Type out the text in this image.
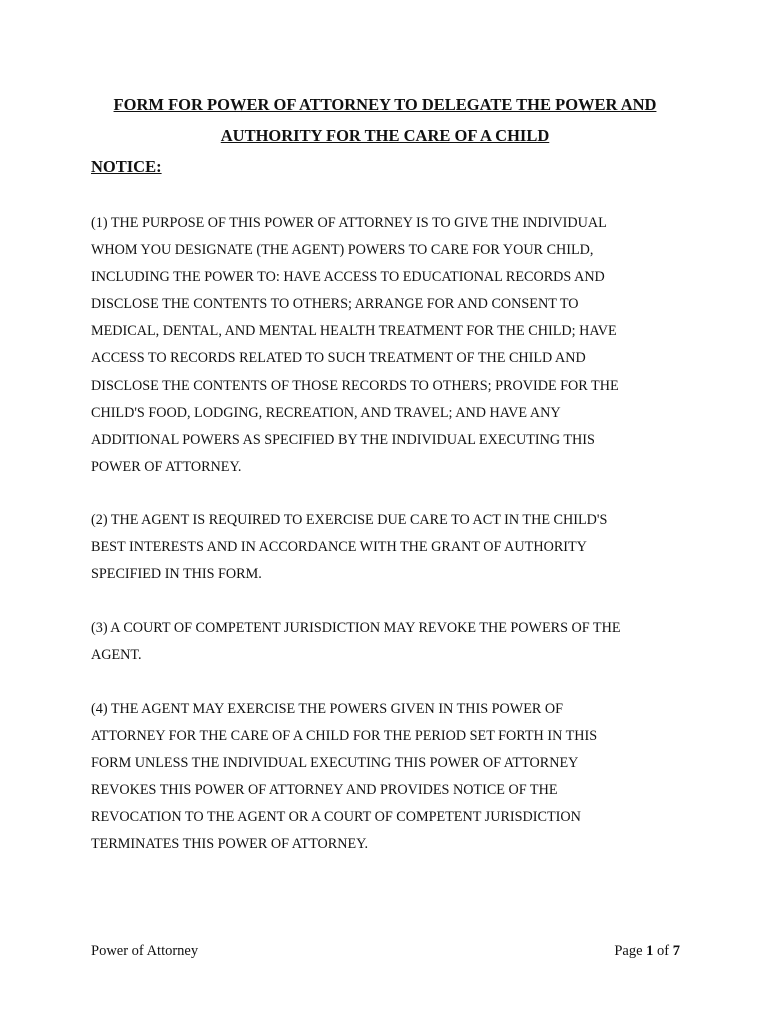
FORM FOR POWER OF ATTORNEY TO DELEGATE THE POWER AND
AUTHORITY FOR THE CARE OF A CHILD
NOTICE:
(1) THE PURPOSE OF THIS POWER OF ATTORNEY IS TO GIVE THE INDIVIDUAL
WHOM YOU DESIGNATE (THE AGENT) POWERS TO CARE FOR YOUR CHILD,
INCLUDING THE POWER TO: HAVE ACCESS TO EDUCATIONAL RECORDS AND
DISCLOSE THE CONTENTS TO OTHERS; ARRANGE FOR AND CONSENT TO
MEDICAL, DENTAL, AND MENTAL HEALTH TREATMENT FOR THE CHILD; HAVE
ACCESS TO RECORDS RELATED TO SUCH TREATMENT OF THE CHILD AND
DISCLOSE THE CONTENTS OF THOSE RECORDS TO OTHERS; PROVIDE FOR THE
CHILD'S FOOD, LODGING, RECREATION, AND TRAVEL; AND HAVE ANY
ADDITIONAL POWERS AS SPECIFIED BY THE INDIVIDUAL EXECUTING THIS
POWER OF ATTORNEY.
(2) THE AGENT IS REQUIRED TO EXERCISE DUE CARE TO ACT IN THE CHILD'S
BEST INTERESTS AND IN ACCORDANCE WITH THE GRANT OF AUTHORITY
SPECIFIED IN THIS FORM.
(3) A COURT OF COMPETENT JURISDICTION MAY REVOKE THE POWERS OF THE
AGENT.
(4) THE AGENT MAY EXERCISE THE POWERS GIVEN IN THIS POWER OF
ATTORNEY FOR THE CARE OF A CHILD FOR THE PERIOD SET FORTH IN THIS
FORM UNLESS THE INDIVIDUAL EXECUTING THIS POWER OF ATTORNEY
REVOKES THIS POWER OF ATTORNEY AND PROVIDES NOTICE OF THE
REVOCATION TO THE AGENT OR A COURT OF COMPETENT JURISDICTION
TERMINATES THIS POWER OF ATTORNEY.
Power of Attorney	Page 1 of 7
